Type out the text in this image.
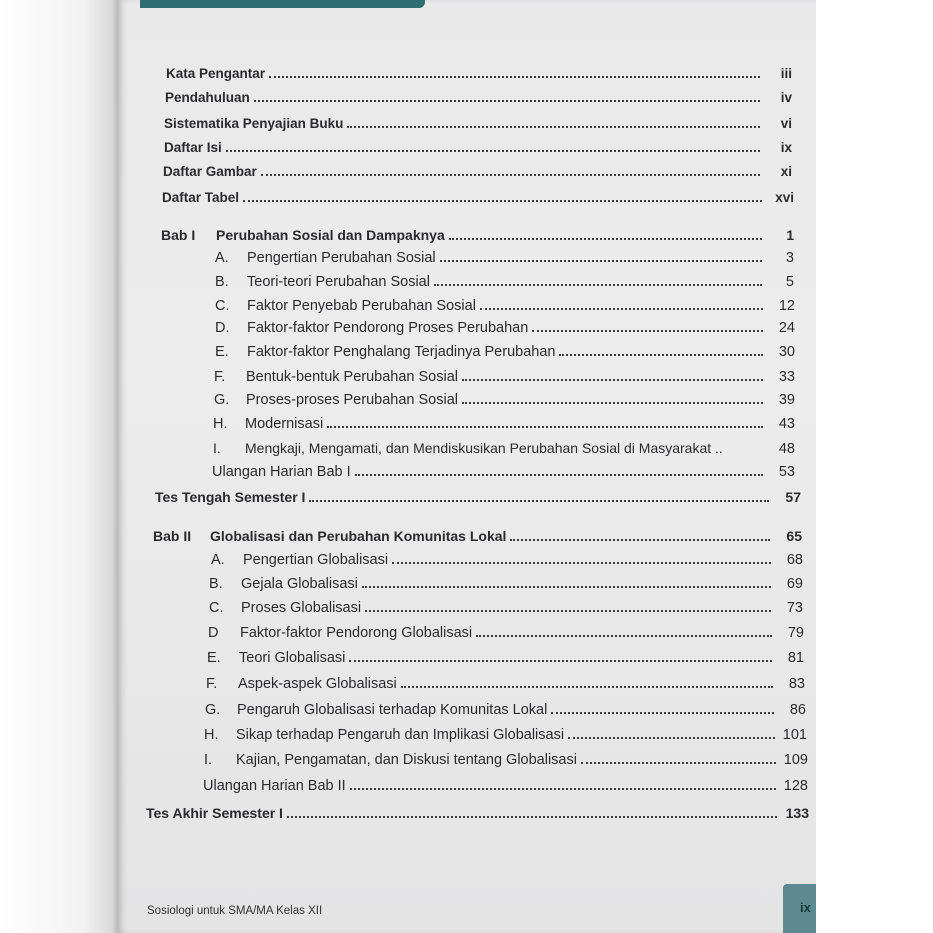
Kata Pengantar	iii
Pendahuluan	iv
Sistematika Penyajian Buku	vi
Daftar Isi	ix
Daftar Gambar	xi
Daftar Tabel	xvi
Bab I Perubahan Sosial dan Dampaknya	1
A. Pengertian Perubahan Sosial	3
B. Teori-teori Perubahan Sosial	5
C. Faktor Penyebab Perubahan Sosial	12
D. Faktor-faktor Pendorong Proses Perubahan	24
E. Faktor-faktor Penghalang Terjadinya Perubahan	30
F. Bentuk-bentuk Perubahan Sosial	33
G. Proses-proses Perubahan Sosial	39
H. Modernisasi	43
I. Mengkaji, Mengamati, dan Mendiskusikan Perubahan Sosial di Masyarakat ..	48
Ulangan Harian Bab I	53
Tes Tengah Semester I	57
Bab II Globalisasi dan Perubahan Komunitas Lokal	65
A. Pengertian Globalisasi	68
B. Gejala Globalisasi	69
C. Proses Globalisasi	73
D Faktor-faktor Pendorong Globalisasi	79
E. Teori Globalisasi	81
F. Aspek-aspek Globalisasi	83
G. Pengaruh Globalisasi terhadap Komunitas Lokal	86
H. Sikap terhadap Pengaruh dan Implikasi Globalisasi	101
I. Kajian, Pengamatan, dan Diskusi tentang Globalisasi	109
Ulangan Harian Bab II	128
Tes Akhir Semester I	133
Sosiologi untuk SMA/MA Kelas XII	ix
